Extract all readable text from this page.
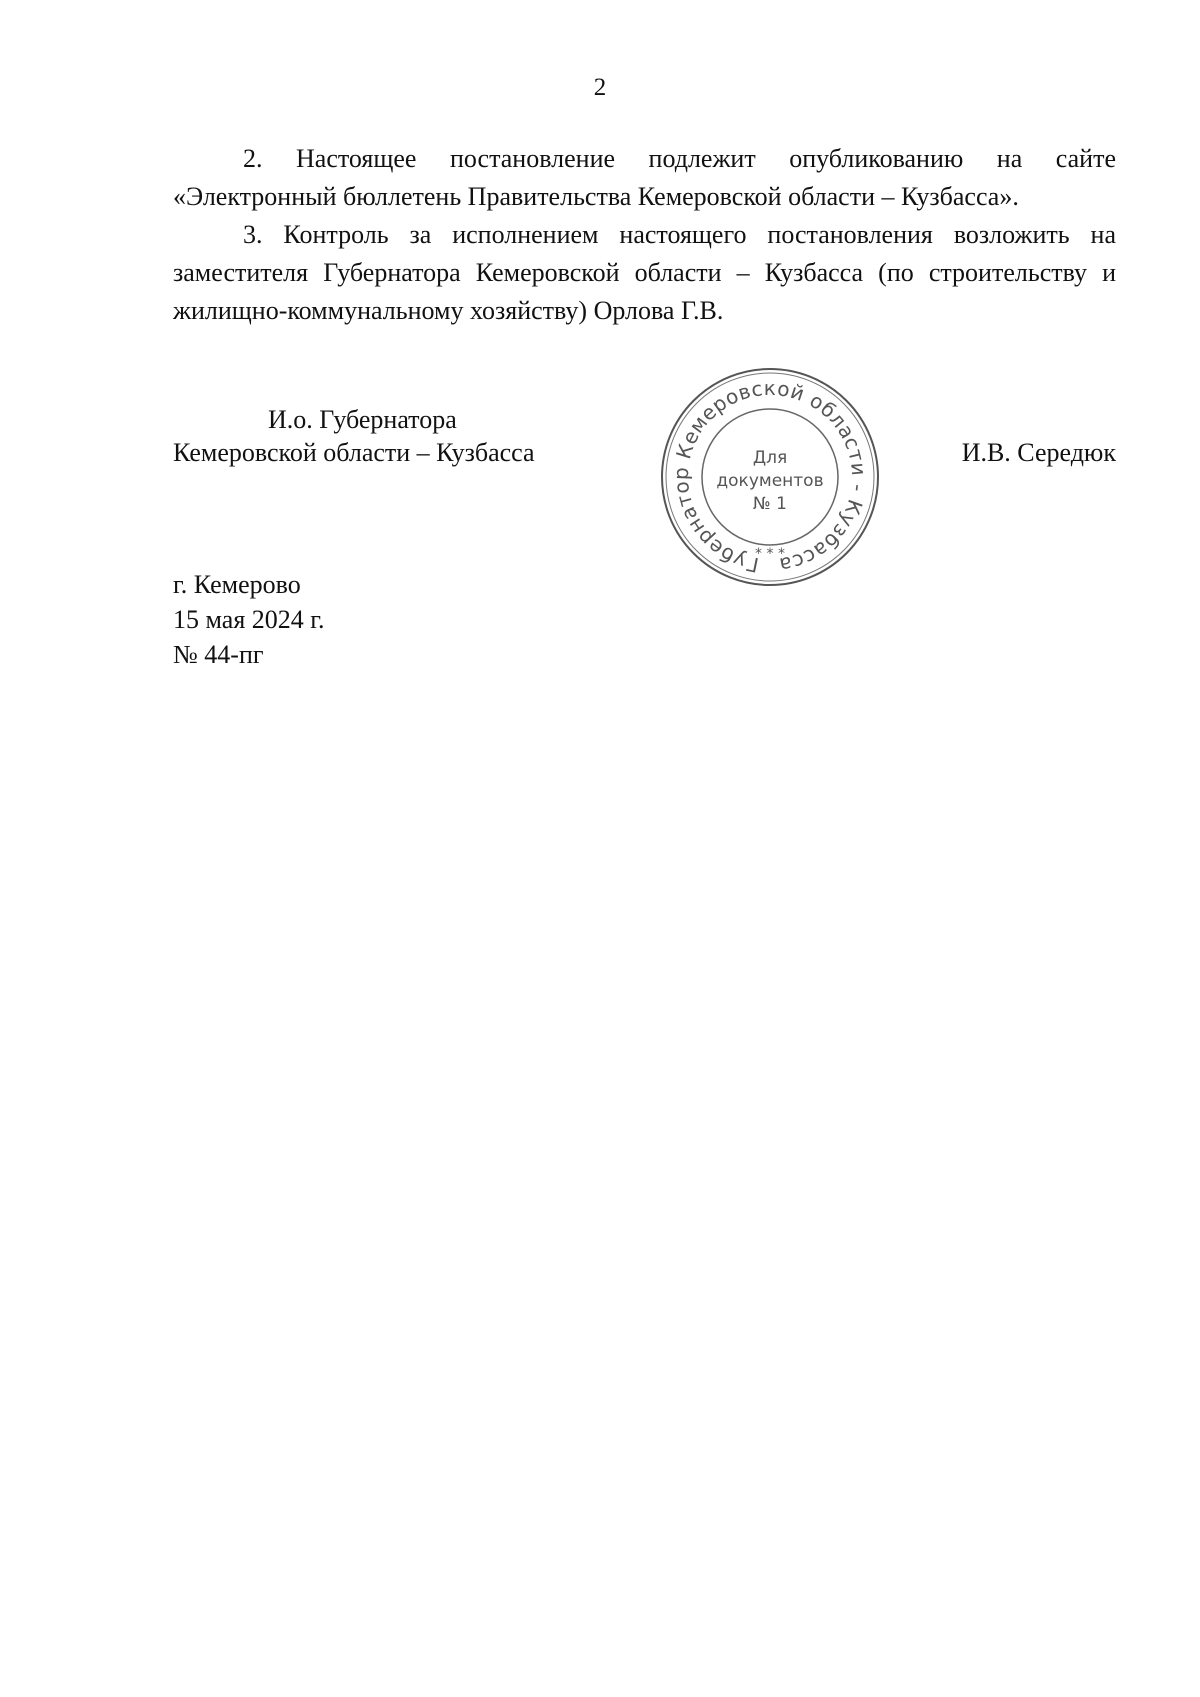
2

2. Настоящее постановление подлежит опубликованию на сайте «Электронный бюллетень Правительства Кемеровской области – Кузбасса».

3. Контроль за исполнением настоящего постановления возложить на заместителя Губернатора Кемеровской области – Кузбасса (по строительству и жилищно-коммунальному хозяйству) Орлова Г.В.

И.о. Губернатора
Кемеровской области – Кузбасса
Губернатор Кемеровской области - Кузбасса
Для
документов
№ 1
* * *
И.В. Середюк
г. Кемерово
15 мая 2024 г.
№ 44-пг
